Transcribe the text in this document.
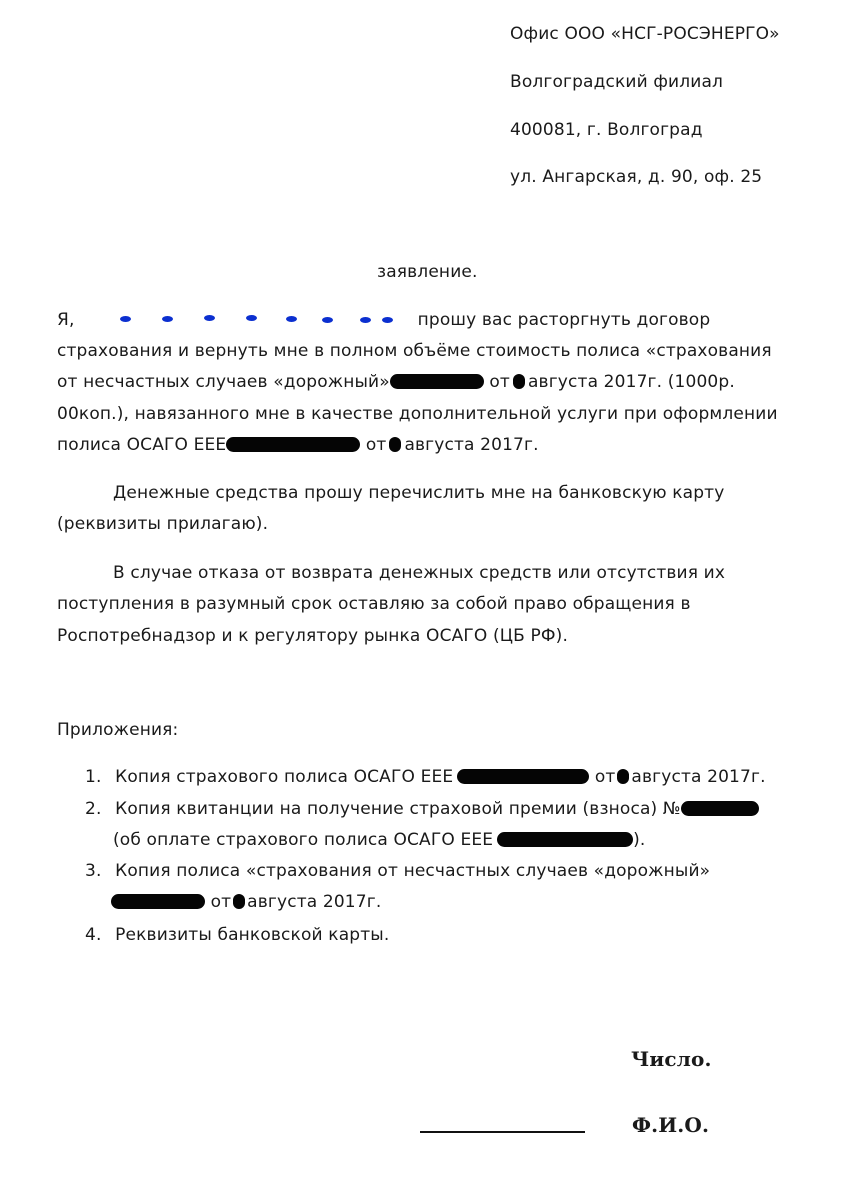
Офис ООО «НСГ-РОСЭНЕРГО»
Волгоградский филиал
400081, г. Волгоград
ул. Ангарская, д. 90, оф. 25
заявление.
Я,	прошу вас расторгнуть договор
страхования и вернуть мне в полном объёме стоимость полиса «страхования
от несчастных случаев «дорожный»	от августа 2017г. (1000р.
00коп.), навязанного мне в качестве дополнительной услуги при оформлении
полиса ОСАГО ЕЕЕ	от августа 2017г.
Денежные средства прошу перечислить мне на банковскую карту
(реквизиты прилагаю).
В случае отказа от возврата денежных средств или отсутствия их
поступления в разумный срок оставляю за собой право обращения в
Роспотребнадзор и к регулятору рынка ОСАГО (ЦБ РФ).
Приложения:
1. Копия страхового полиса ОСАГО ЕЕЕ	от августа 2017г.
2. Копия квитанции на получение страховой премии (взноса) №
(об оплате страхового полиса ОСАГО ЕЕЕ	).
3. Копия полиса «страхования от несчастных случаев «дорожный»
от августа 2017г.
4. Реквизиты банковской карты.
Число.
Ф.И.О.
